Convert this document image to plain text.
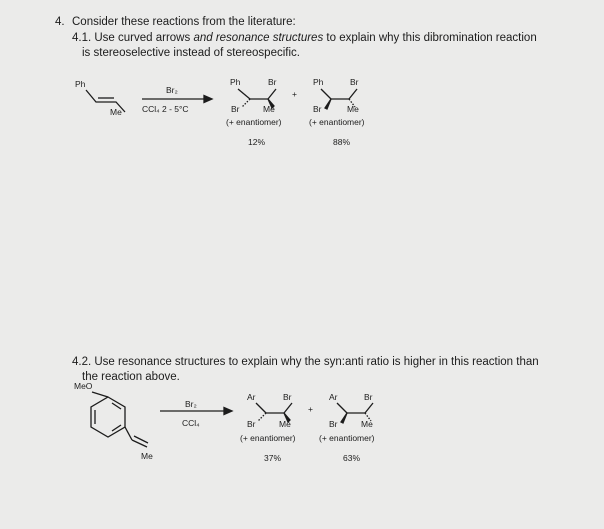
4. Consider these reactions from the literature:
4.1. Use curved arrows and resonance structures to explain why this dibromination reaction
is stereoselective instead of stereospecific.
Ph
Me
Br₂
CCl₄ 2 - 5°C
Ph	Br
Br	Me
(+ enantiomer)
12%
+
Ph	Br
Br	Me
(+ enantiomer)
88%
4.2. Use resonance structures to explain why the syn:anti ratio is higher in this reaction than
the reaction above.
MeO
Me
Br₂
CCl₄
Ar	Br
Br	Me
(+ enantiomer)
37%
+
Ar	Br
Br	Me
(+ enantiomer)
63%
